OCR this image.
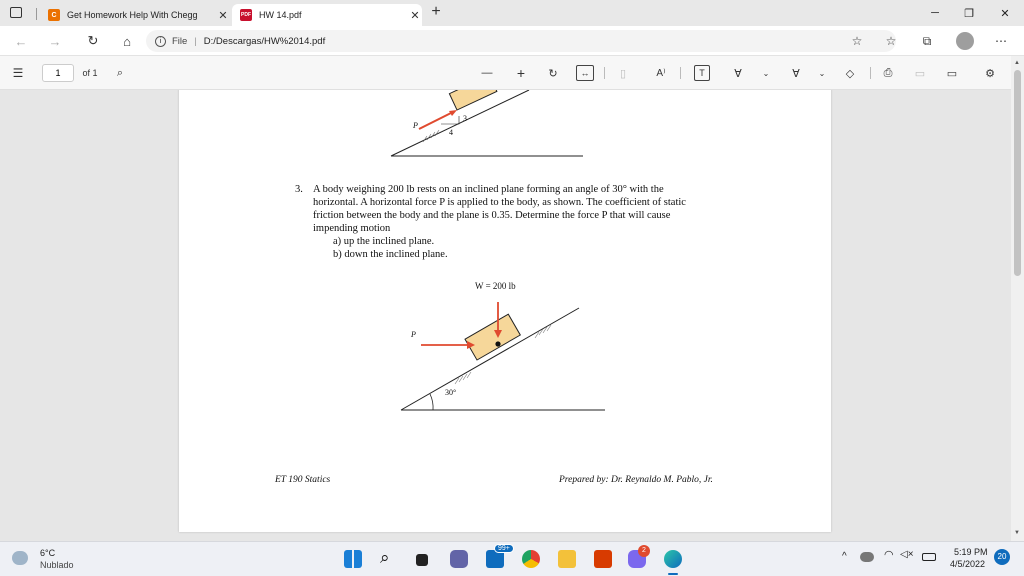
C	Get Homework Help With Chegg	✕	PDF HW 14.pdf	✕ +	─	❐	✕
←	→	↻	⌂	i	File | D:/Descargas/HW%2014.pdf	☆	☆	⧉	⋯
☰	1	of 1	⌕	—	+	↻	↔	▯	A⁾	T	∀	⌄	∀	⌄	◇	⎙	▭ ▭	⚙
P
3
4
3. A body weighing 200 lb rests on an inclined plane forming an angle of 30° with the
horizontal. A horizontal force P is applied to the body, as shown. The coefficient of static
friction between the body and the plane is 0.35. Determine the force P that will cause
impending motion
a) up the inclined plane.
b) down the inclined plane.
W = 200 lb
P
30°
ET 190 Statics	Prepared by: Dr. Reynaldo M. Pablo, Jr.
▲
▼
6°C
Nublado	⌕	99+	2
^	◠ ◁×	5:19 PM
4/5/2022
20
